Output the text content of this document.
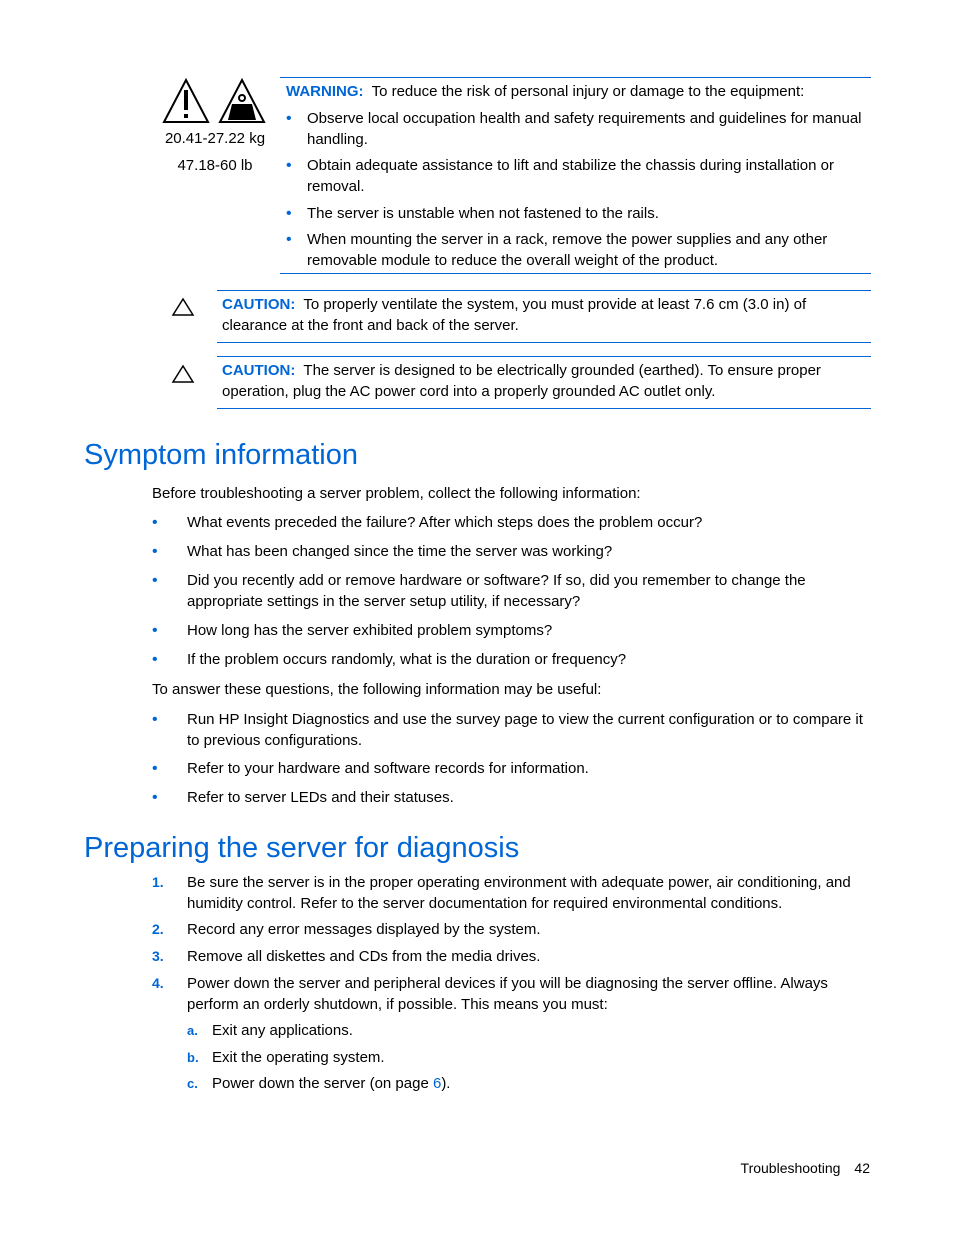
20.41-27.22 kg
47.18-60 lb
WARNING: To reduce the risk of personal injury or damage to the equipment:
• Observe local occupation health and safety requirements and guidelines for manual handling.
• Obtain adequate assistance to lift and stabilize the chassis during installation or removal.
• The server is unstable when not fastened to the rails.
• When mounting the server in a rack, remove the power supplies and any other removable module to reduce the overall weight of the product.
CAUTION: To properly ventilate the system, you must provide at least 7.6 cm (3.0 in) of clearance at the front and back of the server.
CAUTION: The server is designed to be electrically grounded (earthed). To ensure proper operation, plug the AC power cord into a properly grounded AC outlet only.
Symptom information
Before troubleshooting a server problem, collect the following information:
• What events preceded the failure? After which steps does the problem occur?
• What has been changed since the time the server was working?
• Did you recently add or remove hardware or software? If so, did you remember to change the appropriate settings in the server setup utility, if necessary?
• How long has the server exhibited problem symptoms?
• If the problem occurs randomly, what is the duration or frequency?
To answer these questions, the following information may be useful:
• Run HP Insight Diagnostics and use the survey page to view the current configuration or to compare it to previous configurations.
• Refer to your hardware and software records for information.
• Refer to server LEDs and their statuses.
Preparing the server for diagnosis
1. Be sure the server is in the proper operating environment with adequate power, air conditioning, and humidity control. Refer to the server documentation for required environmental conditions.
2. Record any error messages displayed by the system.
3. Remove all diskettes and CDs from the media drives.
4. Power down the server and peripheral devices if you will be diagnosing the server offline. Always perform an orderly shutdown, if possible. This means you must:
a. Exit any applications.
b. Exit the operating system.
c. Power down the server (on page 6).
Troubleshooting 42
